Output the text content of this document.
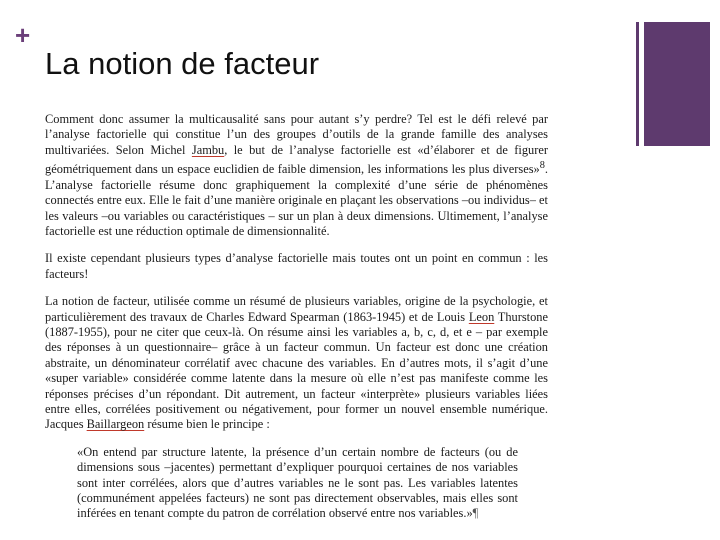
+
La notion de facteur

Comment donc assumer la multicausalité sans pour autant s’y perdre? Tel est le défi relevé par l’analyse factorielle qui constitue l’un des groupes d’outils de la grande famille des analyses multivariées. Selon Michel Jambu, le but de l’analyse factorielle est «d’élaborer et de figurer géométriquement dans un espace euclidien de faible dimension, les informations les plus diverses»$^8$. L’analyse factorielle résume donc graphiquement la complexité d’une série de phénomènes connectés entre eux. Elle le fait d’une manière originale en plaçant les observations –ou individus– et les valeurs –ou variables ou caractéristiques – sur un plan à deux dimensions. Ultimement, l’analyse factorielle est une réduction optimale de dimensionnalité.

Il existe cependant plusieurs types d’analyse factorielle mais toutes ont un point en commun : les facteurs!

La notion de facteur, utilisée comme un résumé de plusieurs variables, origine de la psychologie, et particulièrement des travaux de Charles Edward Spearman (1863-1945) et de Louis Leon Thurstone (1887-1955), pour ne citer que ceux-là. On résume ainsi les variables a, b, c, d, et e – par exemple des réponses à un questionnaire– grâce à un facteur commun. Un facteur est donc une création abstraite, un dénominateur corrélatif avec chacune des variables. En d’autres mots, il s’agit d’une «super variable» considérée comme latente dans la mesure où elle n’est pas manifeste comme les réponses précises d’un répondant. Dit autrement, un facteur «interprète» plusieurs variables liées entre elles, corrélées positivement ou négativement, pour former un nouvel ensemble numérique. Jacques Baillargeon résume bien le principe :

«On entend par structure latente, la présence d’un certain nombre de facteurs (ou de dimensions sous –jacentes) permettant d’expliquer pourquoi certaines de nos variables sont inter corrélées, alors que d’autres variables ne le sont pas. Les variables latentes (communément appelées facteurs) ne sont pas directement observables, mais elles sont inférées en tenant compte du patron de corrélation observé entre nos variables.»¶
